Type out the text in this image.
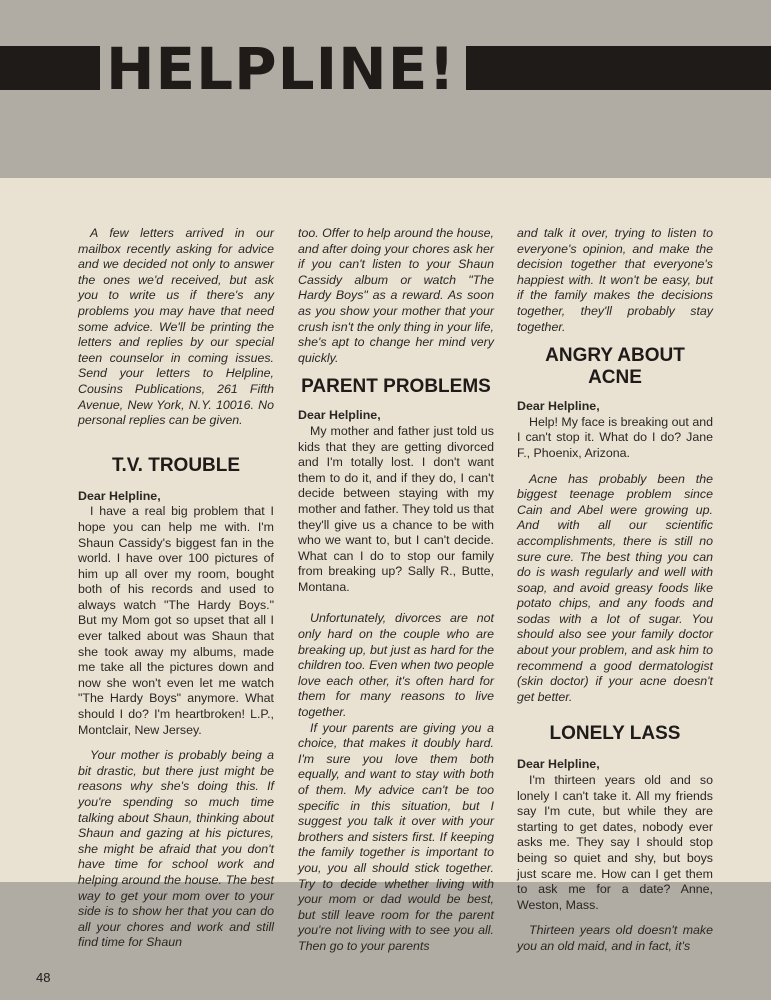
HELPLINE!

A few letters arrived in our mailbox recently asking for advice and we decided not only to answer the ones we'd received, but ask you to write us if there's any problems you may have that need some advice. We'll be printing the letters and replies by our special teen counselor in coming issues. Send your letters to Helpline, Cousins Publications, 261 Fifth Avenue, New York, N.Y. 10016. No personal replies can be given.

T.V. TROUBLE

Dear Helpline,

I have a real big problem that I hope you can help me with. I'm Shaun Cassidy's biggest fan in the world. I have over 100 pictures of him up all over my room, bought both of his records and used to always watch "The Hardy Boys." But my Mom got so upset that all I ever talked about was Shaun that she took away my albums, made me take all the pictures down and now she won't even let me watch "The Hardy Boys" anymore. What should I do? I'm heartbroken! L.P., Montclair, New Jersey.

Your mother is probably being a bit drastic, but there just might be reasons why she's doing this. If you're spending so much time talking about Shaun, thinking about Shaun and gazing at his pictures, she might be afraid that you don't have time for school work and helping around the house. The best way to get your mom over to your side is to show her that you can do all your chores and work and still find time for Shaun

too. Offer to help around the house, and after doing your chores ask her if you can't listen to your Shaun Cassidy album or watch "The Hardy Boys" as a reward. As soon as you show your mother that your crush isn't the only thing in your life, she's apt to change her mind very quickly.

PARENT PROBLEMS

Dear Helpline,

My mother and father just told us kids that they are getting divorced and I'm totally lost. I don't want them to do it, and if they do, I can't decide between staying with my mother and father. They told us that they'll give us a chance to be with who we want to, but I can't decide. What can I do to stop our family from breaking up? Sally R., Butte, Montana.

Unfortunately, divorces are not only hard on the couple who are breaking up, but just as hard for the children too. Even when two people love each other, it's often hard for them for many reasons to live together.

If your parents are giving you a choice, that makes it doubly hard. I'm sure you love them both equally, and want to stay with both of them. My advice can't be too specific in this situation, but I suggest you talk it over with your brothers and sisters first. If keeping the family together is important to you, you all should stick together. Try to decide whether living with your mom or dad would be best, but still leave room for the parent you're not living with to see you all. Then go to your parents

and talk it over, trying to listen to everyone's opinion, and make the decision together that everyone's happiest with. It won't be easy, but if the family makes the decisions together, they'll probably stay together.

ANGRY ABOUT ACNE

Dear Helpline,

Help! My face is breaking out and I can't stop it. What do I do? Jane F., Phoenix, Arizona.

Acne has probably been the biggest teenage problem since Cain and Abel were growing up. And with all our scientific accomplishments, there is still no sure cure. The best thing you can do is wash regularly and well with soap, and avoid greasy foods like potato chips, and any foods and sodas with a lot of sugar. You should also see your family doctor about your problem, and ask him to recommend a good dermatologist (skin doctor) if your acne doesn't get better.

LONELY LASS

Dear Helpline,

I'm thirteen years old and so lonely I can't take it. All my friends say I'm cute, but while they are starting to get dates, nobody ever asks me. They say I should stop being so quiet and shy, but boys just scare me. How can I get them to ask me for a date? Anne, Weston, Mass.

Thirteen years old doesn't make you an old maid, and in fact, it's

48
